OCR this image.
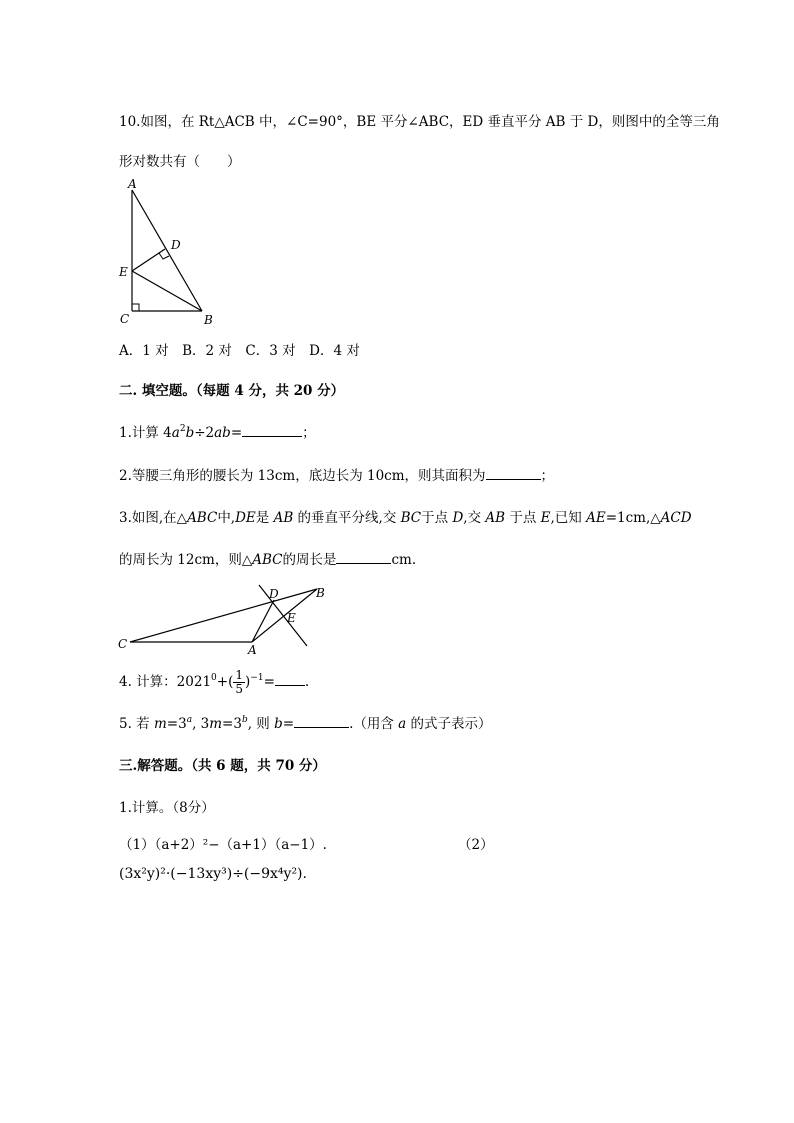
10.如图，在 Rt△ACB 中，∠C=90°，BE 平分∠ABC，ED 垂直平分 AB 于 D，则图中的全等三角
形对数共有（　　）
A
D
E
C	B
A．1 对　B．2 对　C．3 对　D．4 对
二. 填空题。（每题 4 分，共 20 分）
1.计算 $4a^2b\div 2ab=$	；
2.等腰三角形的腰长为 13cm，底边长为 10cm，则其面积为	；
3.如图,在△ABC中,DE是 AB 的垂直平分线,交 BC于点 D,交 AB 于点 E,已知 AE=1cm,△ACD
的周长为 12cm，则△ABC的周长是	cm.
C	A
D	B
E
4. 计算：$2021^0+( \frac{1}{5} )^{-1}=$ .
5. 若 $m=3^a$, $3m=3^b$, 则 b=	.（用含 a 的式子表示）
三.解答题。（共 6 题，共 70 分）
1.计算。（8分）
（1）（a+2）²−（a+1）（a−1）.	（2）
(3x²y)²·(−13xy³)÷(−9x⁴y²).
